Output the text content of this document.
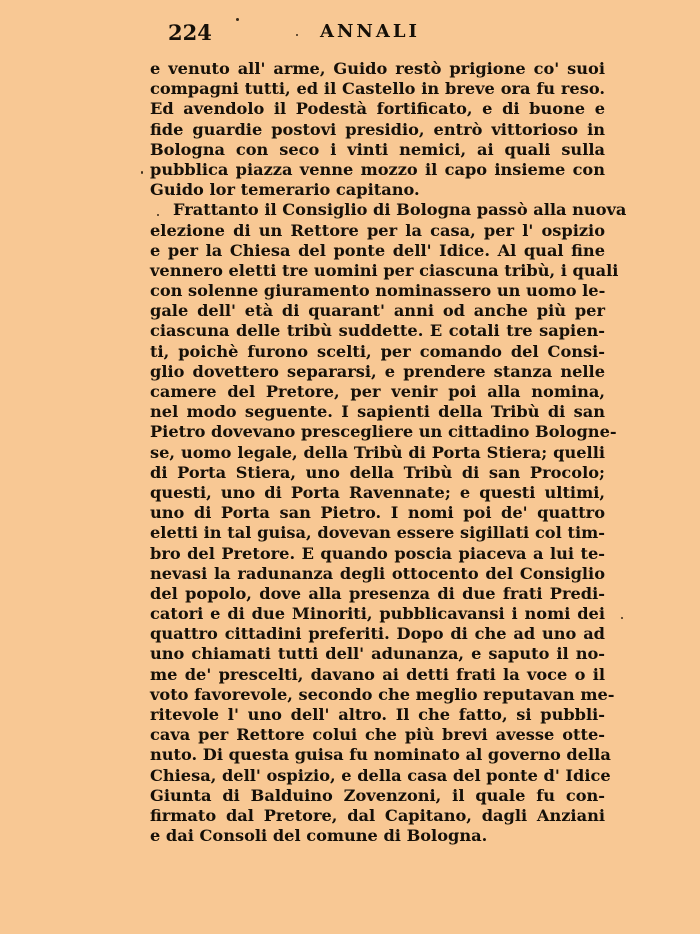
224	ANNALI
e venuto all' arme, Guido restò prigione co' suoi
compagni tutti, ed il Castello in breve ora fu reso.
Ed avendolo il Podestà fortificato, e di buone e
fide guardie postovi presidio, entrò vittorioso in
Bologna con seco i vinti nemici, ai quali sulla
pubblica piazza venne mozzo il capo insieme con
Guido lor temerario capitano.
Frattanto il Consiglio di Bologna passò alla nuova
elezione di un Rettore per la casa, per l' ospizio
e per la Chiesa del ponte dell' Idice. Al qual fine
vennero eletti tre uomini per ciascuna tribù, i quali
con solenne giuramento nominassero un uomo le-
gale dell' età di quarant' anni od anche più per
ciascuna delle tribù suddette. E cotali tre sapien-
ti, poichè furono scelti, per comando del Consi-
glio dovettero separarsi, e prendere stanza nelle
camere del Pretore, per venir poi alla nomina,
nel modo seguente. I sapienti della Tribù di san
Pietro dovevano prescegliere un cittadino Bologne-
se, uomo legale, della Tribù di Porta Stiera; quelli
di Porta Stiera, uno della Tribù di san Procolo;
questi, uno di Porta Ravennate; e questi ultimi,
uno di Porta san Pietro. I nomi poi de' quattro
eletti in tal guisa, dovevan essere sigillati col tim-
bro del Pretore. E quando poscia piaceva a lui te-
nevasi la radunanza degli ottocento del Consiglio
del popolo, dove alla presenza di due frati Predi-
catori e di due Minoriti, pubblicavansi i nomi dei
quattro cittadini preferiti. Dopo di che ad uno ad
uno chiamati tutti dell' adunanza, e saputo il no-
me de' prescelti, davano ai detti frati la voce o il
voto favorevole, secondo che meglio reputavan me-
ritevole l' uno dell' altro. Il che fatto, si pubbli-
cava per Rettore colui che più brevi avesse otte-
nuto. Di questa guisa fu nominato al governo della
Chiesa, dell' ospizio, e della casa del ponte d' Idice
Giunta di Balduino Zovenzoni, il quale fu con-
firmato dal Pretore, dal Capitano, dagli Anziani
e dai Consoli del comune di Bologna.
